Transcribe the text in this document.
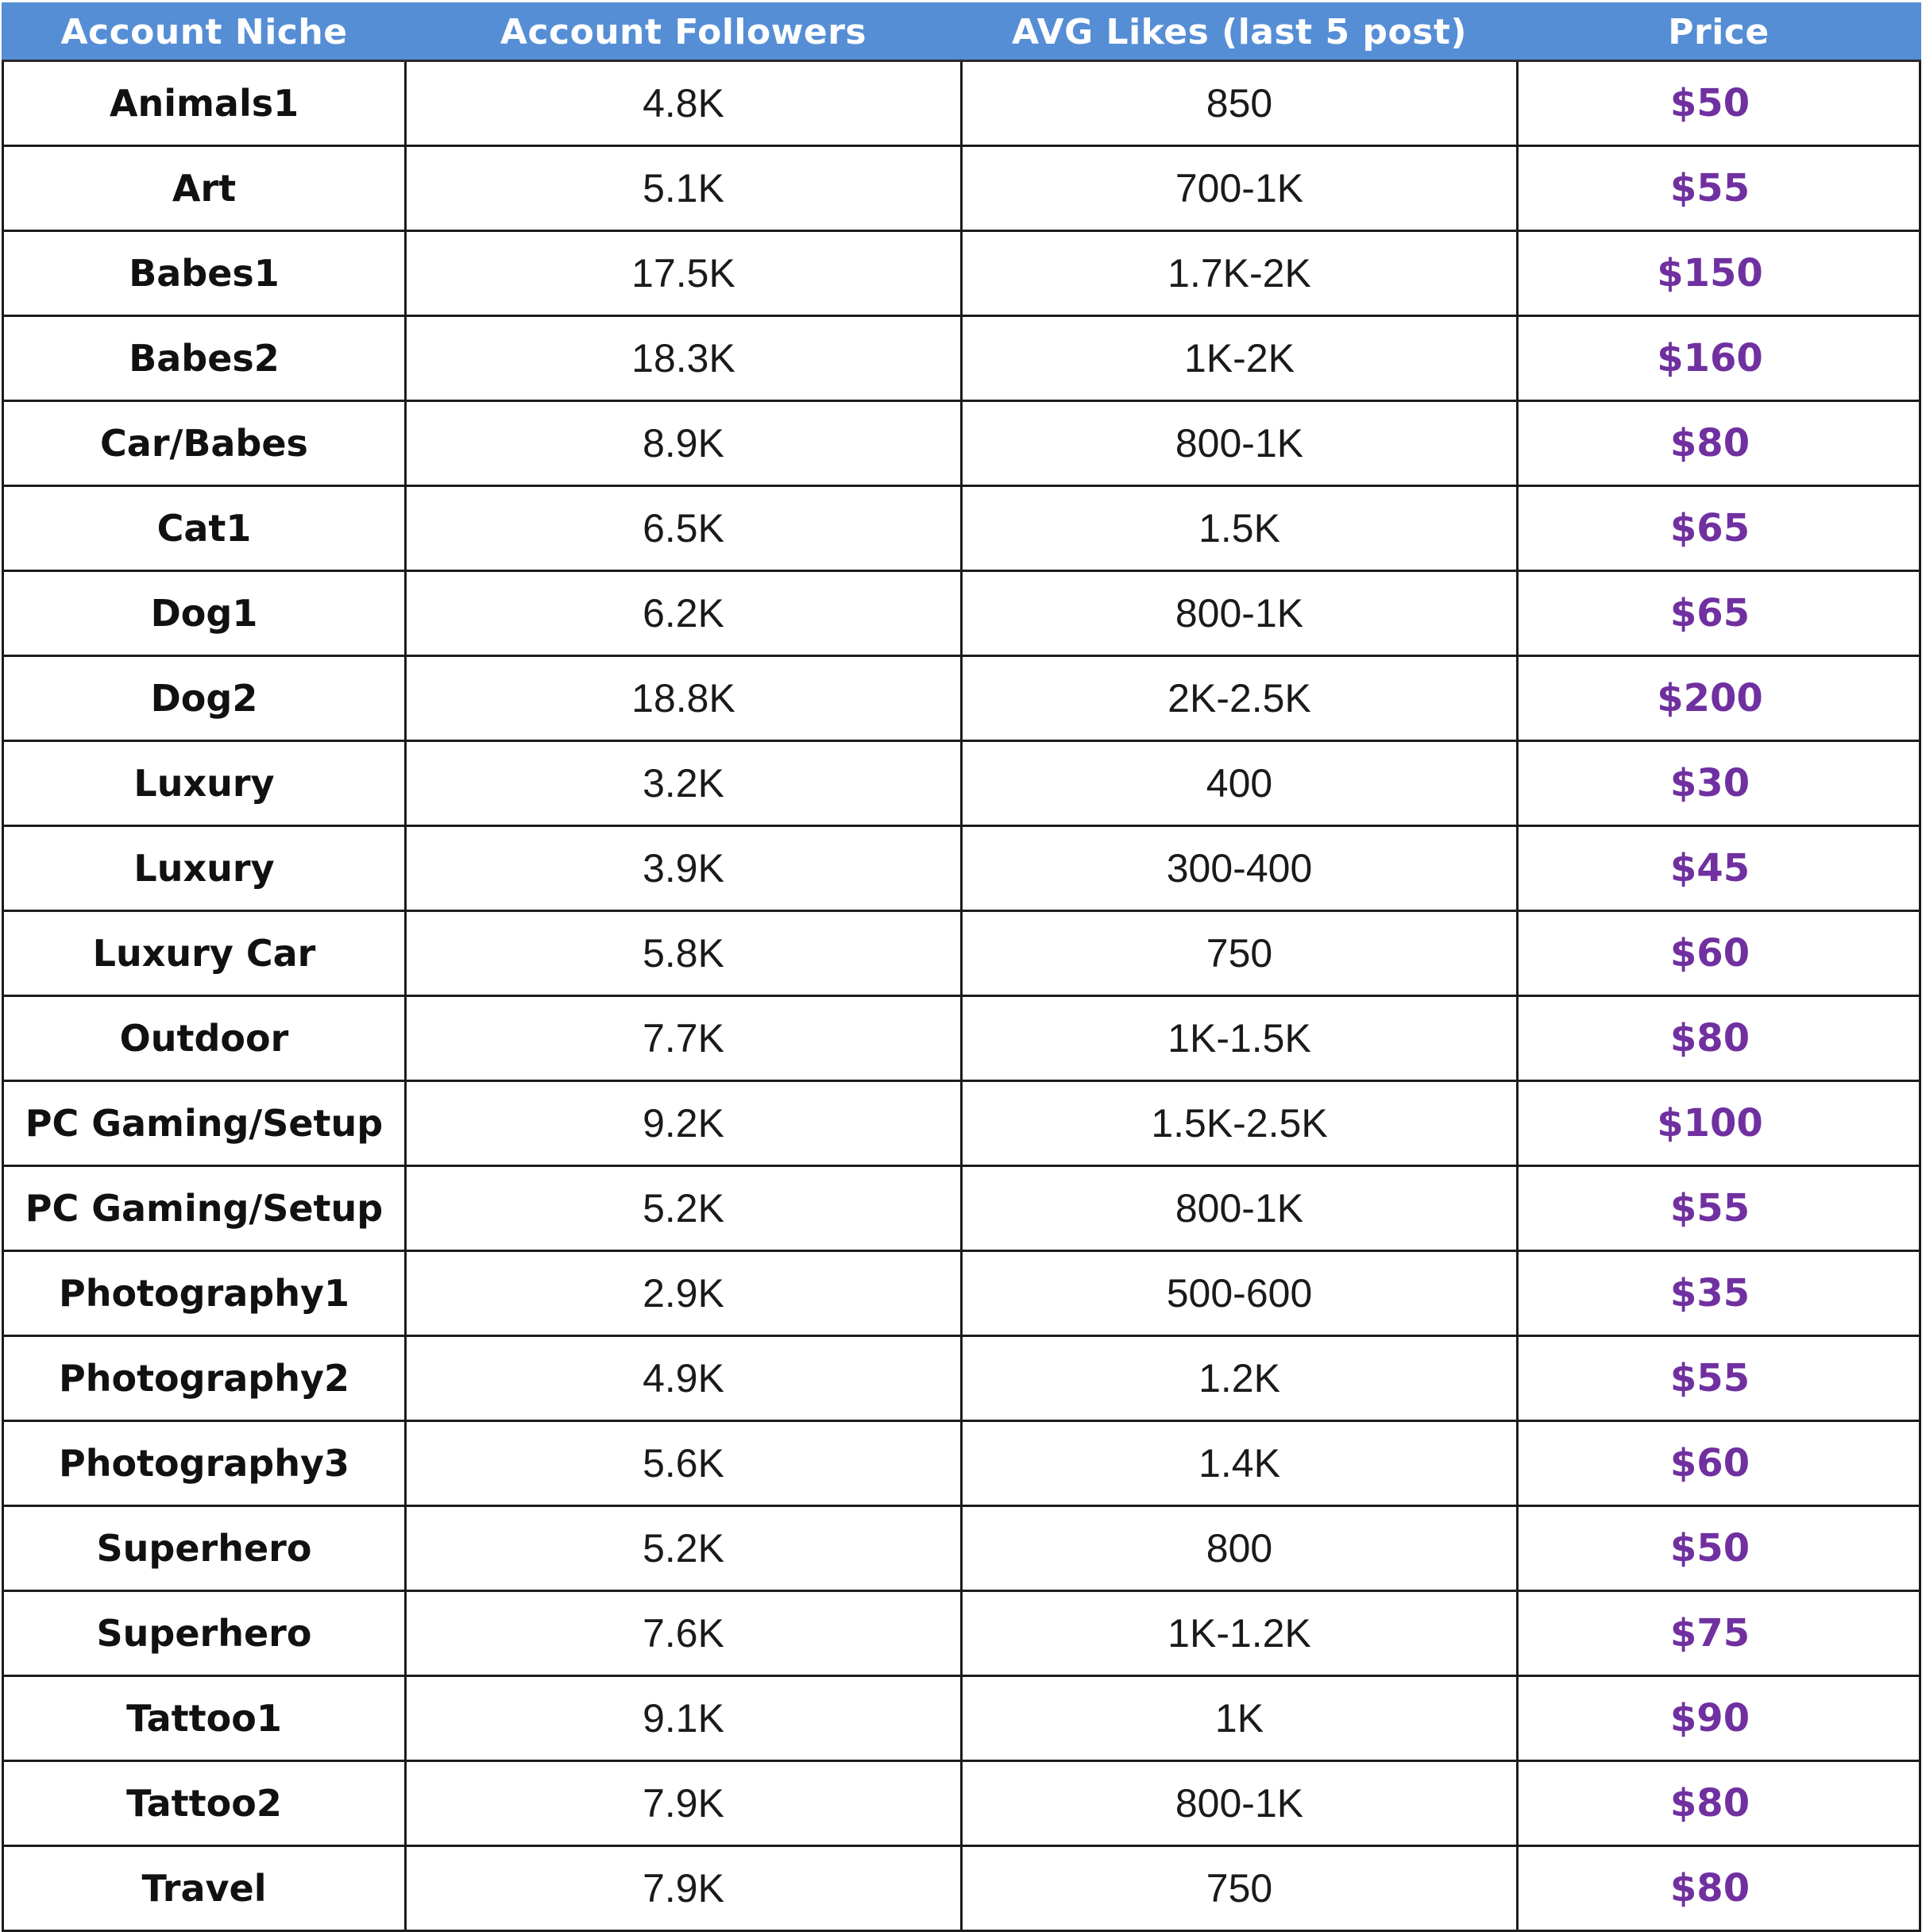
Account Niche	Account Followers	AVG Likes (last 5 post)	Price
Animals1	4.8K	850	$50
Art	5.1K	700-1K	$55
Babes1	17.5K	1.7K-2K	$150
Babes2	18.3K	1K-2K	$160
Car/Babes	8.9K	800-1K	$80
Cat1	6.5K	1.5K	$65
Dog1	6.2K	800-1K	$65
Dog2	18.8K	2K-2.5K	$200
Luxury	3.2K	400	$30
Luxury	3.9K	300-400	$45
Luxury Car	5.8K	750	$60
Outdoor	7.7K	1K-1.5K	$80
PC Gaming/Setup	9.2K	1.5K-2.5K	$100
PC Gaming/Setup	5.2K	800-1K	$55
Photography1	2.9K	500-600	$35
Photography2	4.9K	1.2K	$55
Photography3	5.6K	1.4K	$60
Superhero	5.2K	800	$50
Superhero	7.6K	1K-1.2K	$75
Tattoo1	9.1K	1K	$90
Tattoo2	7.9K	800-1K	$80
Travel	7.9K	750	$80
